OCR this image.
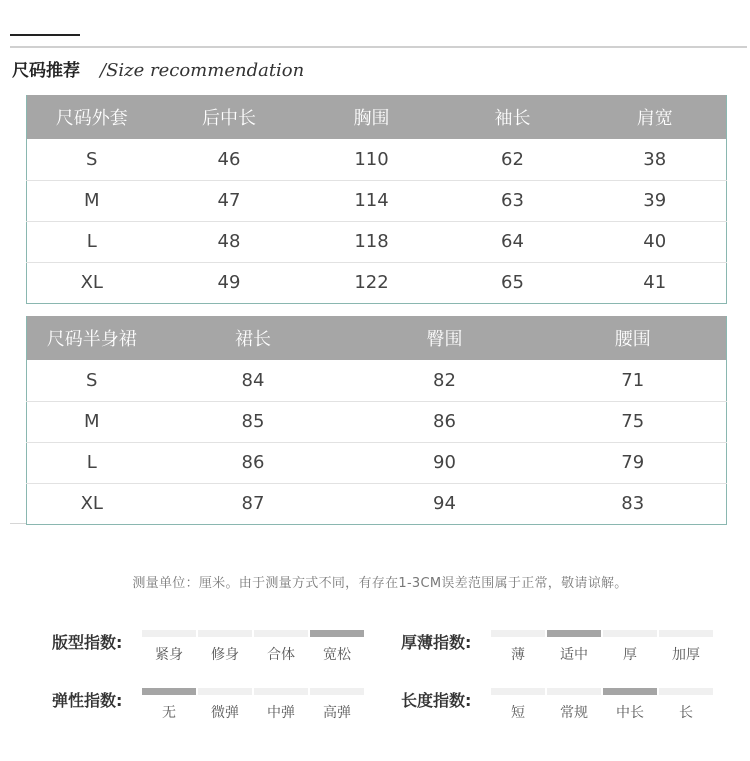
尺码推荐 /Size recommendation
尺码外套	后中长	胸围	袖长	肩宽
S	46	110	62	38
M	47	114	63	39
L	48	118	64	40
XL	49	122	65	41
尺码半身裙	裙长	臀围	腰围
S	84	82	71
M	85	86	75
L	86	90	79
XL	87	94	83
测量单位：厘米。由于测量方式不同，有存在1-3CM误差范围属于正常，敬请谅解。
版型指数:
紧身	修身	合体	宽松
厚薄指数:
薄	适中	厚	加厚
弹性指数:
无	微弹	中弹	高弹
长度指数:
短	常规	中长	长
